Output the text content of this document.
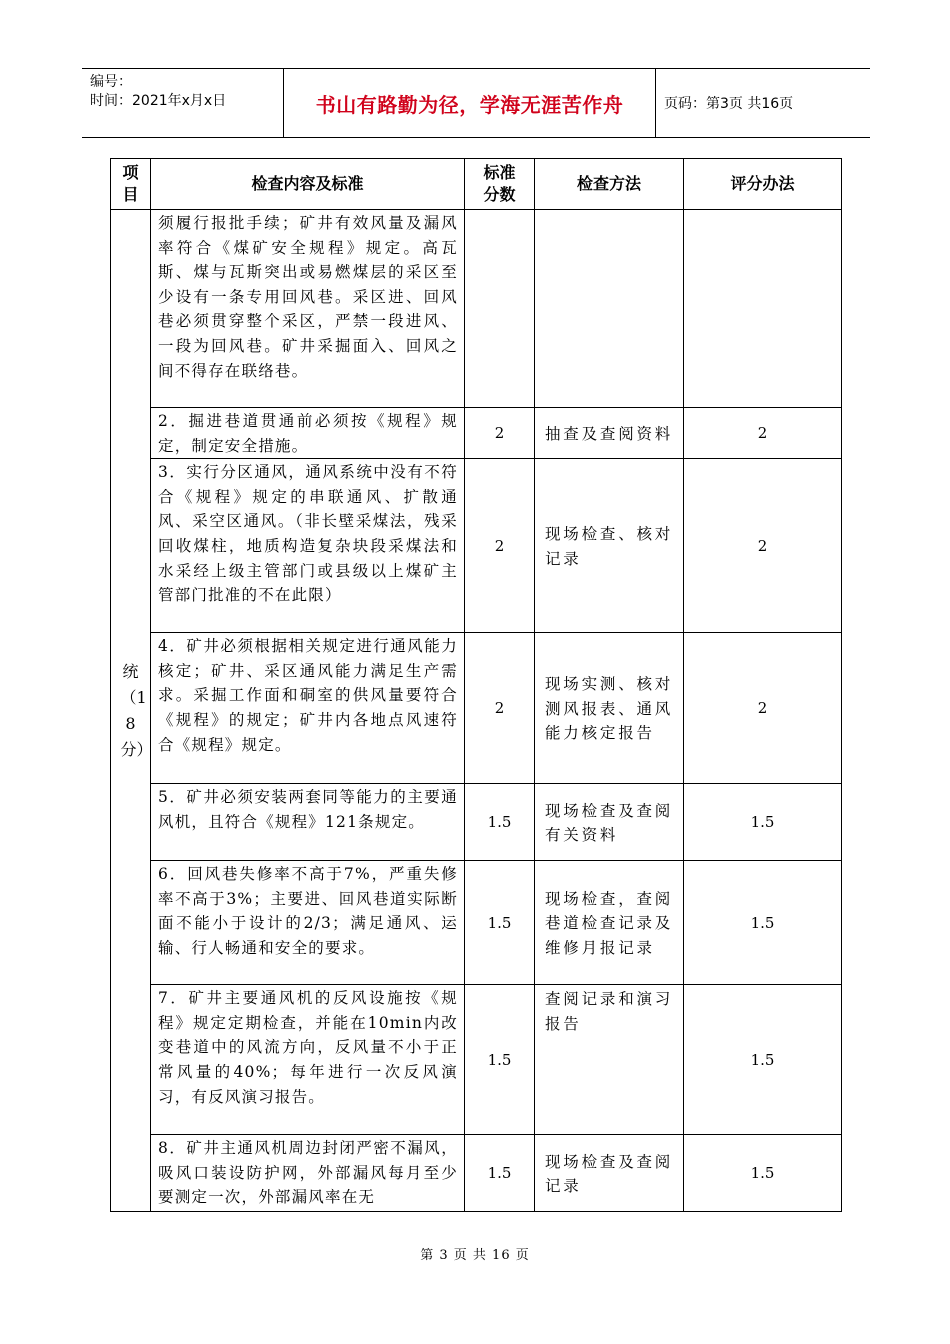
编号：
时间：2021年x月x日	书山有路勤为径，学海无涯苦作舟	页码：第3页 共16页
项目	检查内容及标准	标准分数	检查方法	评分办法

统（18分）	须履行报批手续；矿井有效风量及漏风率符合《煤矿安全规程》规定。高瓦斯、煤与瓦斯突出或易燃煤层的采区至少设有一条专用回风巷。采区进、回风巷必须贯穿整个采区，严禁一段进风、一段为回风巷。矿井采掘面入、回风之间不得存在联络巷。			
	2．掘进巷道贯通前必须按《规程》规定，制定安全措施。	2	抽查及查阅资料	2
	3．实行分区通风，通风系统中没有不符合《规程》规定的串联通风、扩散通风、采空区通风。（非长壁采煤法，残采回收煤柱，地质构造复杂块段采煤法和水采经上级主管部门或县级以上煤矿主管部门批准的不在此限）	2	现场检查、核对记录	2
	4．矿井必须根据相关规定进行通风能力核定；矿井、采区通风能力满足生产需求。采掘工作面和硐室的供风量要符合《规程》的规定；矿井内各地点风速符合《规程》规定。	2	现场实测、核对测风报表、通风能力核定报告	2
	5．矿井必须安装两套同等能力的主要通风机，且符合《规程》121条规定。	1.5	现场检查及查阅有关资料	1.5
	6．回风巷失修率不高于7%，严重失修率不高于3%；主要进、回风巷道实际断面不能小于设计的2/3；满足通风、运输、行人畅通和安全的要求。	1.5	现场检查，查阅巷道检查记录及维修月报记录	1.5
	7．矿井主要通风机的反风设施按《规程》规定定期检查，并能在10min内改变巷道中的风流方向，反风量不小于正常风量的40%；每年进行一次反风演习，有反风演习报告。	1.5	查阅记录和演习报告	1.5
	8．矿井主通风机周边封闭严密不漏风，吸风口装设防护网，外部漏风每月至少要测定一次，外部漏风率在无	1.5	现场检查及查阅记录	1.5
第 3 页 共 16 页
